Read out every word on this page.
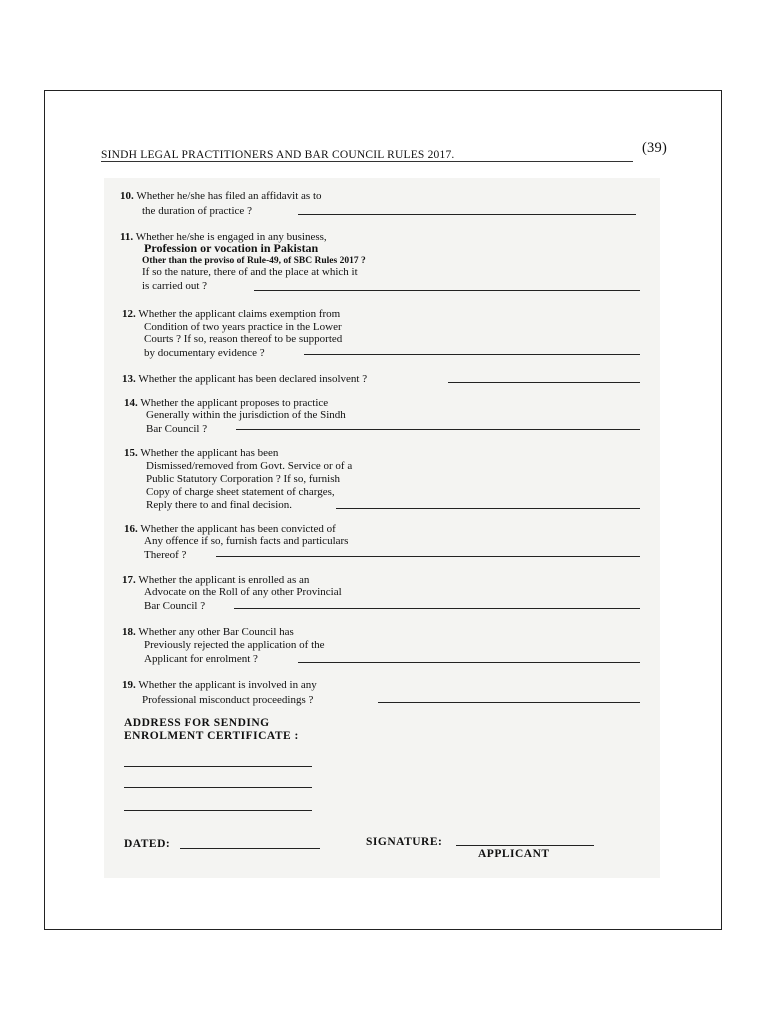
SINDH LEGAL PRACTITIONERS AND BAR COUNCIL RULES 2017.	(39)
10. Whether he/she has filed an affidavit as to
the duration of practice ?
11. Whether he/she is engaged in any business,
Profession or vocation in Pakistan
Other than the proviso of Rule-49, of SBC Rules 2017 ?
If so the nature, there of and the place at which it
is carried out ?
12. Whether the applicant claims exemption from
Condition of two years practice in the Lower
Courts ? If so, reason thereof to be supported
by documentary evidence ?
13. Whether the applicant has been declared insolvent ?
14. Whether the applicant proposes to practice
Generally within the jurisdiction of the Sindh
Bar Council ?
15. Whether the applicant has been
Dismissed/removed from Govt. Service or of a
Public Statutory Corporation ? If so, furnish
Copy of charge sheet statement of charges,
Reply there to and final decision.
16. Whether the applicant has been convicted of
Any offence if so, furnish facts and particulars
Thereof ?
17. Whether the applicant is enrolled as an
Advocate on the Roll of any other Provincial
Bar Council ?
18. Whether any other Bar Council has
Previously rejected the application of the
Applicant for enrolment ?
19. Whether the applicant is involved in any
Professional misconduct proceedings ?
ADDRESS FOR SENDING
ENROLMENT CERTIFICATE :
DATED:	SIGNATURE:
APPLICANT
